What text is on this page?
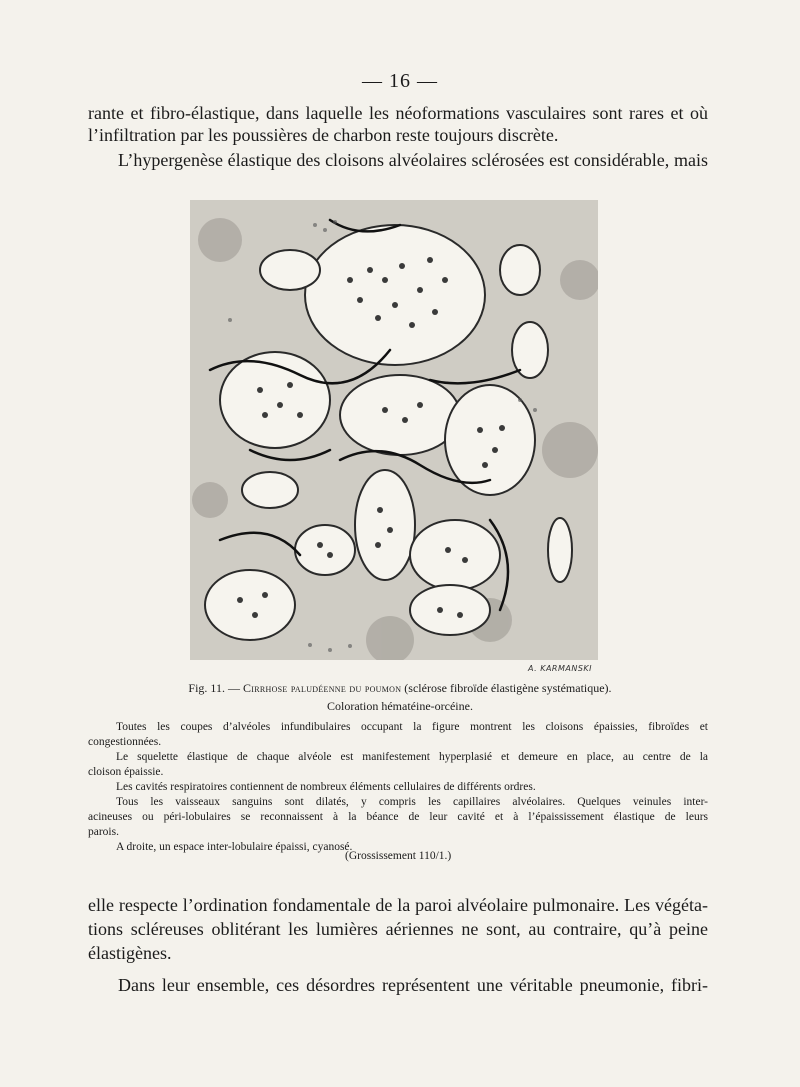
— 16 —
rante et fibro-élastique, dans laquelle les néoformations vasculaires sont rares et où
l’infiltration par les poussières de charbon reste toujours discrète.
L’hypergenèse élastique des cloisons alvéolaires sclérosées est considérable, mais
A. KARMANSKI
Fig. 11. — Cirrhose paludéenne du poumon (sclérose fibroïde élastigène systématique).
Coloration hématéine-orcéine.
Toutes les coupes d’alvéoles infundibulaires occupant la figure montrent les cloisons épaissies, fibroïdes et
congestionnées.
Le squelette élastique de chaque alvéole est manifestement hyperplasié et demeure en place, au centre de la
cloison épaissie.
Les cavités respiratoires contiennent de nombreux éléments cellulaires de différents ordres.
Tous les vaisseaux sanguins sont dilatés, y compris les capillaires alvéolaires. Quelques veinules inter-
acineuses ou péri-lobulaires se reconnaissent à la béance de leur cavité et à l’épaississement élastique de leurs
parois.
A droite, un espace inter-lobulaire épaissi, cyanosé.
(Grossissement 110/1.)
elle respecte l’ordination fondamentale de la paroi alvéolaire pulmonaire. Les végéta-
tions scléreuses oblitérant les lumières aériennes ne sont, au contraire, qu’à peine
élastigènes.
Dans leur ensemble, ces désordres représentent une véritable pneumonie, fibri-
